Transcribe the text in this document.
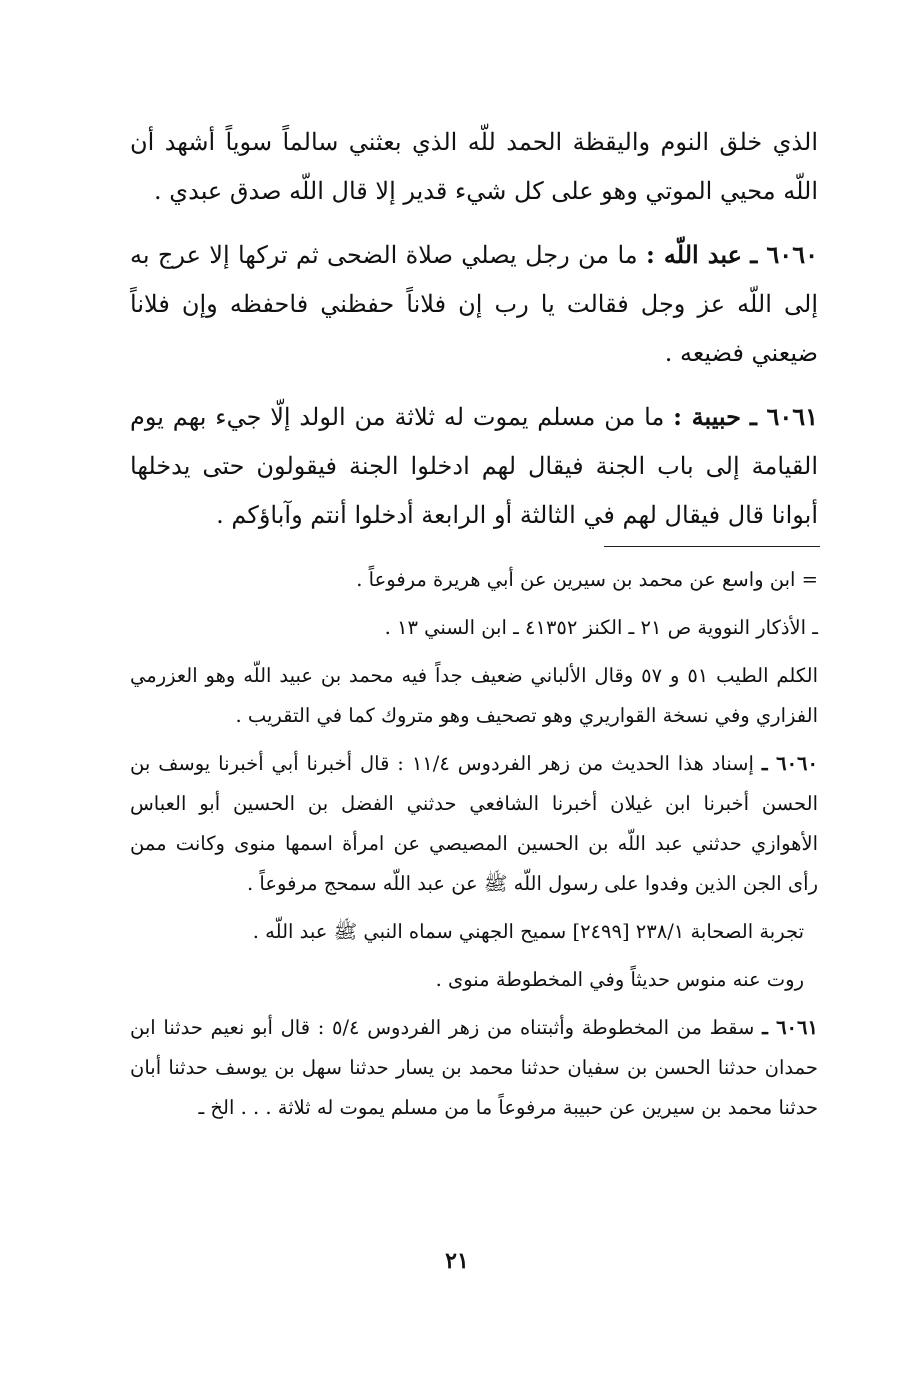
الذي خلق النوم واليقظة الحمد للّه الذي بعثني سالماً سوياً أشهد أن اللّه محيي الموتي وهو على كل شيء قدير إلا قال اللّه صدق عبدي .

٦٠٦٠ ـ عبد اللّه : ما من رجل يصلي صلاة الضحى ثم تركها إلا عرج به إلى اللّه عز وجل فقالت يا رب إن فلاناً حفظني فاحفظه وإن فلاناً ضيعني فضيعه .

٦٠٦١ ـ حبيبة : ما من مسلم يموت له ثلاثة من الولد إلّا جيء بهم يوم القيامة إلى باب الجنة فيقال لهم ادخلوا الجنة فيقولون حتى يدخلها أبوانا قال فيقال لهم في الثالثة أو الرابعة أدخلوا أنتم وآباؤكم .

= ابن واسع عن محمد بن سيرين عن أبي هريرة مرفوعاً .

ـ الأذكار النووية ص ٢١ ـ الكنز ٤١٣٥٢ ـ ابن السني ١٣ .

الكلم الطيب ٥١ و ٥٧ وقال الألباني ضعيف جداً فيه محمد بن عبيد اللّه وهو العزرمي الفزاري وفي نسخة القواريري وهو تصحيف وهو متروك كما في التقريب .

٦٠٦٠ ـ إسناد هذا الحديث من زهر الفردوس ١١/٤ : قال أخبرنا أبي أخبرنا يوسف بن الحسن أخبرنا ابن غيلان أخبرنا الشافعي حدثني الفضل بن الحسين أبو العباس الأهوازي حدثني عبد اللّه بن الحسين المصيصي عن امرأة اسمها منوى وكانت ممن رأى الجن الذين وفدوا على رسول اللّه ﷺ عن عبد اللّه سمحج مرفوعاً .

تجربة الصحابة ٢٣٨/١ [٢٤٩٩] سميح الجهني سماه النبي ﷺ عبد اللّه .

روت عنه منوس حديثاً وفي المخطوطة منوى .

٦٠٦١ ـ سقط من المخطوطة وأثبتناه من زهر الفردوس ٥/٤ : قال أبو نعيم حدثنا ابن حمدان حدثنا الحسن بن سفيان حدثنا محمد بن يسار حدثنا سهل بن يوسف حدثنا أبان حدثنا محمد بن سيرين عن حبيبة مرفوعاً ما من مسلم يموت له ثلاثة . . . الخ ـ

٢١
